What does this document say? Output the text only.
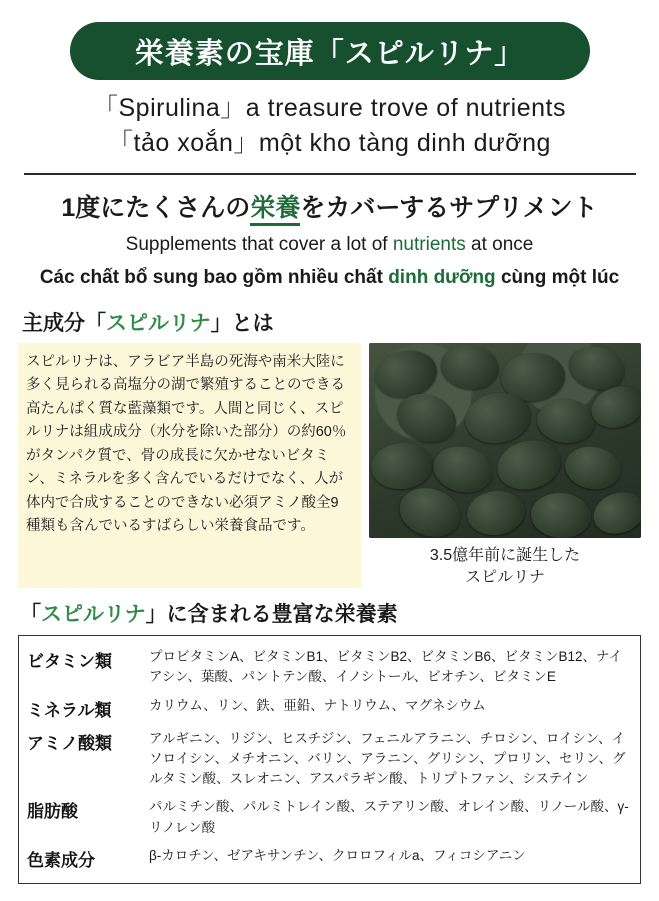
栄養素の宝庫「スピルリナ」
「Spirulina」a treasure trove of nutrients
「tảo xoắn」một kho tàng dinh dưỡng
1度にたくさんの栄養をカバーするサプリメント
Supplements that cover a lot of nutrients at once
Các chất bổ sung bao gồm nhiều chất dinh dưỡng cùng một lúc
主成分「スピルリナ」とは
スピルリナは、アラビア半島の死海や南米大陸に多く見られる高塩分の湖で繁殖することのできる高たんぱく質な藍藻類です。人間と同じく、スピルリナは組成成分（水分を除いた部分）の約60％がタンパク質で、骨の成長に欠かせないビタミン、ミネラルを多く含んでいるだけでなく、人が体内で合成することのできない必須アミノ酸全9種類も含んでいるすばらしい栄養食品です。
3.5億年前に誕生した
スピルリナ
「スピルリナ」に含まれる豊富な栄養素
ビタミン類	プロビタミンA、ビタミンB1、ビタミンB2、ビタミンB6、ビタミンB12、ナイアシン、葉酸、パントテン酸、イノシトール、ビオチン、ビタミンE
ミネラル類	カリウム、リン、鉄、亜鉛、ナトリウム、マグネシウム
アミノ酸類	アルギニン、リジン、ヒスチジン、フェニルアラニン、チロシン、ロイシン、イソロイシン、メチオニン、バリン、アラニン、グリシン、プロリン、セリン、グルタミン酸、スレオニン、アスパラギン酸、トリプトファン、システイン
脂肪酸	パルミチン酸、パルミトレイン酸、ステアリン酸、オレイン酸、リノール酸、γ-リノレン酸
色素成分	β-カロチン、ゼアキサンチン、クロロフィルa、フィコシアニン
